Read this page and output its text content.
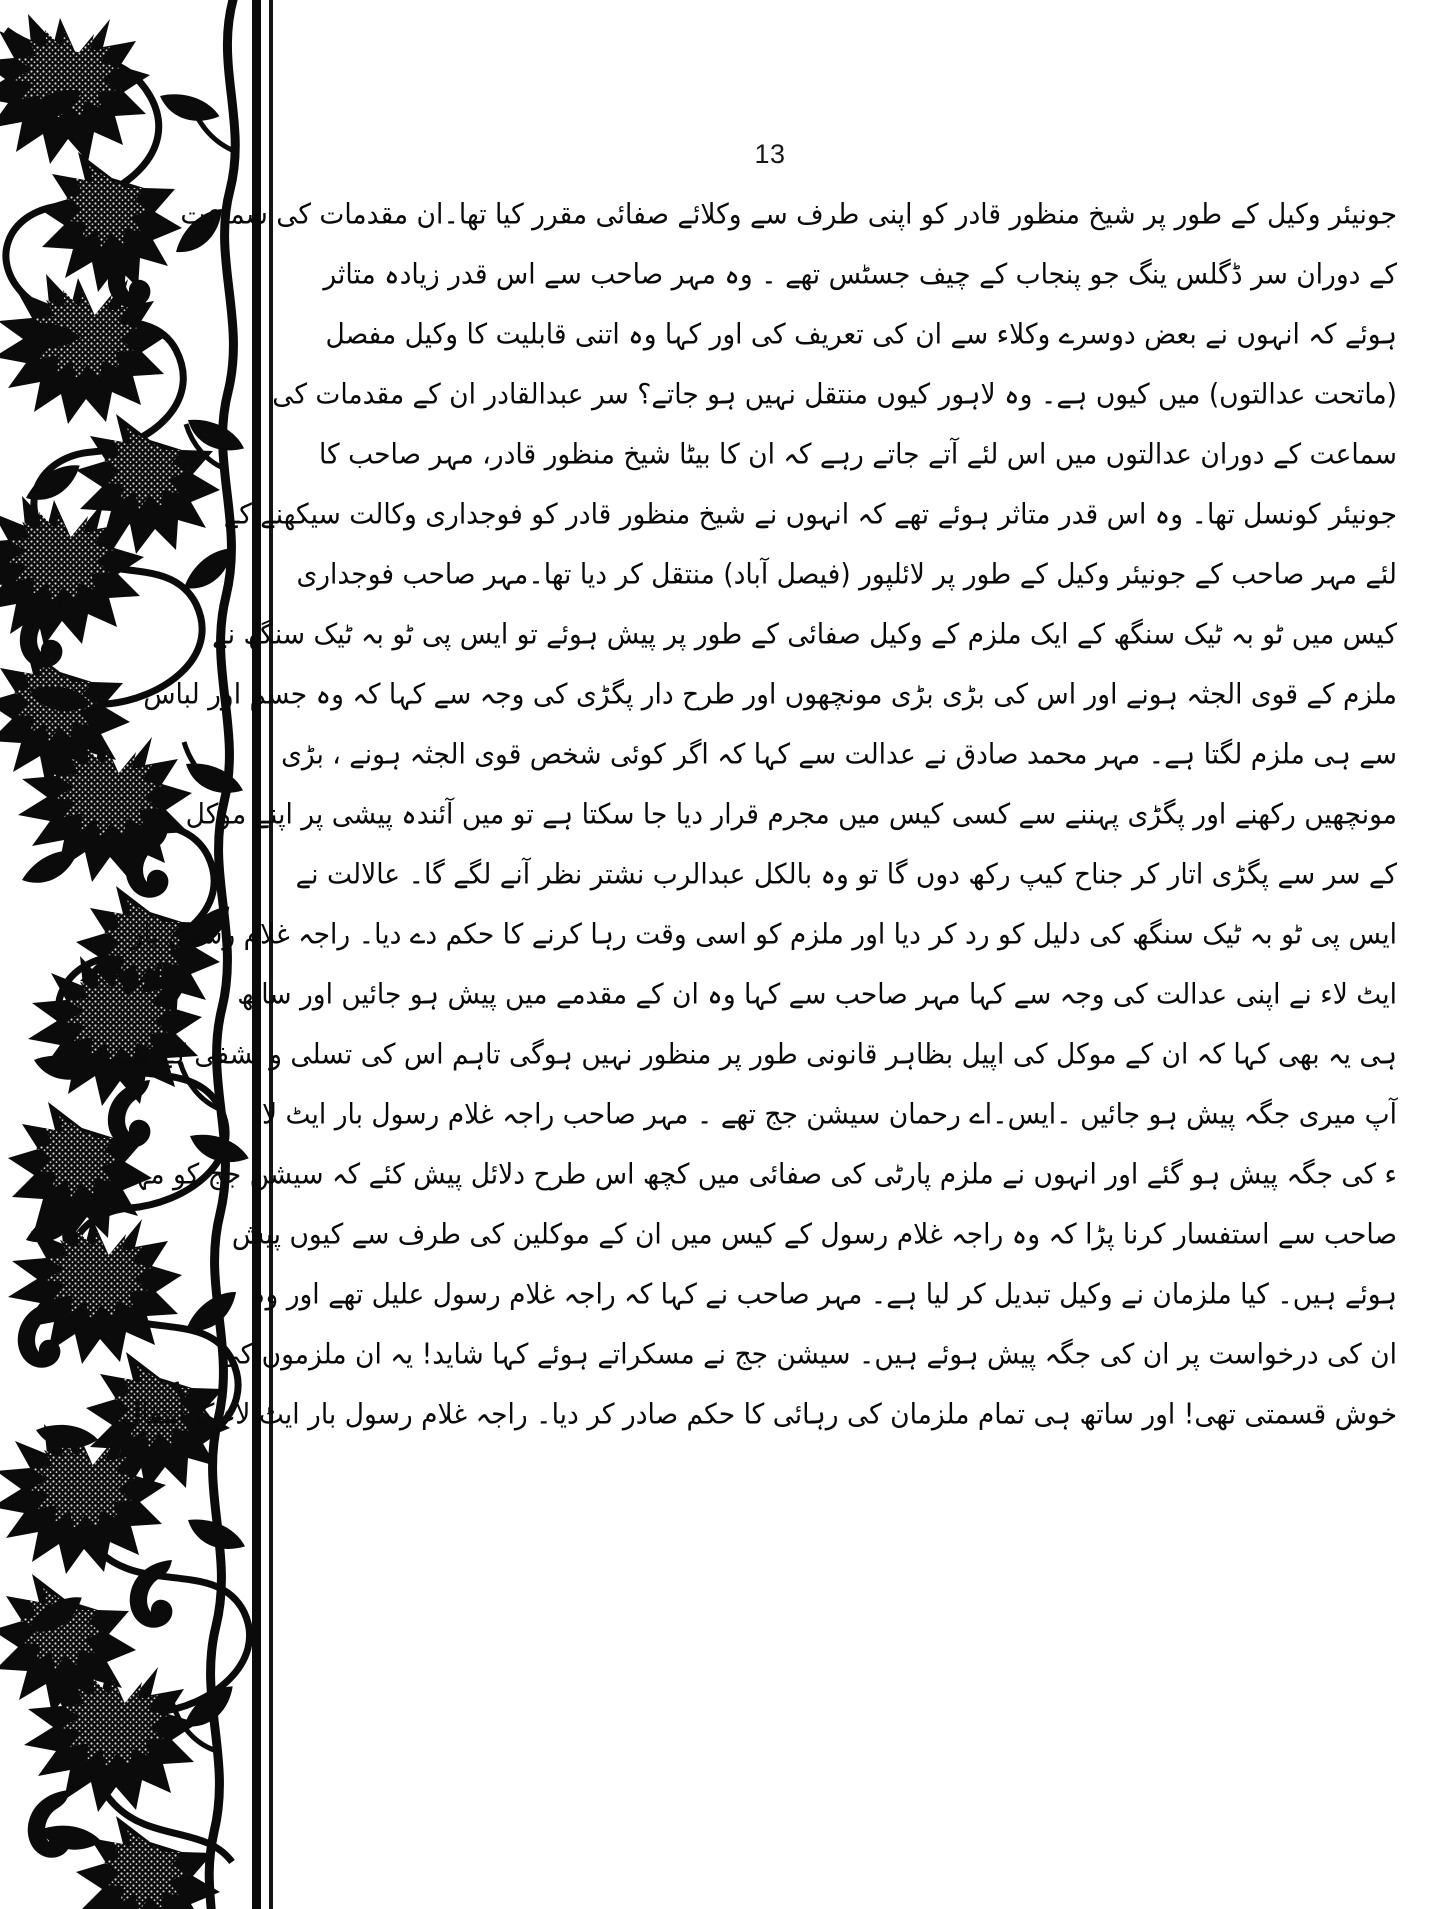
13
جونیئر وکیل کے طور پر شیخ منظور قادر کو اپنی طرف سے وکلائے صفائی مقرر کیا تھا۔ان مقدمات کی سماعت
کے دوران سر ڈگلس ینگ جو پنجاب کے چیف جسٹس تھے ۔ وہ مہر صاحب سے اس قدر زیادہ متاثر
ہوئے کہ انہوں نے بعض دوسرے وکلاء سے ان کی تعریف کی اور کہا وہ اتنی قابلیت کا وکیل مفصل
(ماتحت عدالتوں) میں کیوں ہے۔ وہ لاہور کیوں منتقل نہیں ہو جاتے؟ سر عبدالقادر ان کے مقدمات کی
سماعت کے دوران عدالتوں میں اس لئے آتے جاتے رہے کہ ان کا بیٹا شیخ منظور قادر، مہر صاحب کا
جونیئر کونسل تھا۔ وہ اس قدر متاثر ہوئے تھے کہ انہوں نے شیخ منظور قادر کو فوجداری وکالت سیکھنے کے
لئے مہر صاحب کے جونیئر وکیل کے طور پر لائلپور (فیصل آباد) منتقل کر دیا تھا۔مہر صاحب فوجداری
کیس میں ٹو بہ ٹیک سنگھ کے ایک ملزم کے وکیل صفائی کے طور پر پیش ہوئے تو ایس پی ٹو بہ ٹیک سنگھ نے
ملزم کے قوی الجثہ ہونے اور اس کی بڑی بڑی مونچھوں اور طرح دار پگڑی کی وجہ سے کہا کہ وہ جسم اور لباس
سے ہی ملزم لگتا ہے۔ مہر محمد صادق نے عدالت سے کہا کہ اگر کوئی شخص قوی الجثہ ہونے ، بڑی
مونچھیں رکھنے اور پگڑی پہننے سے کسی کیس میں مجرم قرار دیا جا سکتا ہے تو میں آئندہ پیشی پر اپنے موکل
کے سر سے پگڑی اتار کر جناح کیپ رکھ دوں گا تو وہ بالکل عبدالرب نشتر نظر آنے لگے گا۔ عالالت نے
ایس پی ٹو بہ ٹیک سنگھ کی دلیل کو رد کر دیا اور ملزم کو اسی وقت رہا کرنے کا حکم دے دیا۔ راجہ غلام رسول بار
ایٹ لاء نے اپنی عدالت کی وجہ سے کہا مہر صاحب سے کہا وہ ان کے مقدمے میں پیش ہو جائیں اور ساتھ
ہی یہ بھی کہا کہ ان کے موکل کی اپیل بظاہر قانونی طور پر منظور نہیں ہوگی تاہم اس کی تسلی و تشفی کے لئے
آپ میری جگہ پیش ہو جائیں ۔ایس۔اے رحمان سیشن جج تھے ۔ مہر صاحب راجہ غلام رسول بار ایٹ لا
ء کی جگہ پیش ہو گئے اور انہوں نے ملزم پارٹی کی صفائی میں کچھ اس طرح دلائل پیش کئے کہ سیشن جج کو مہر
صاحب سے استفسار کرنا پڑا کہ وہ راجہ غلام رسول کے کیس میں ان کے موکلین کی طرف سے کیوں پیش
ہوئے ہیں۔ کیا ملزمان نے وکیل تبدیل کر لیا ہے۔ مہر صاحب نے کہا کہ راجہ غلام رسول علیل تھے اور وہ
ان کی درخواست پر ان کی جگہ پیش ہوئے ہیں۔ سیشن جج نے مسکراتے ہوئے کہا شاید! یہ ان ملزموں کی
خوش قسمتی تھی! اور ساتھ ہی تمام ملزمان کی رہائی کا حکم صادر کر دیا۔ راجہ غلام رسول بار ایٹ لاء کا انتقال
